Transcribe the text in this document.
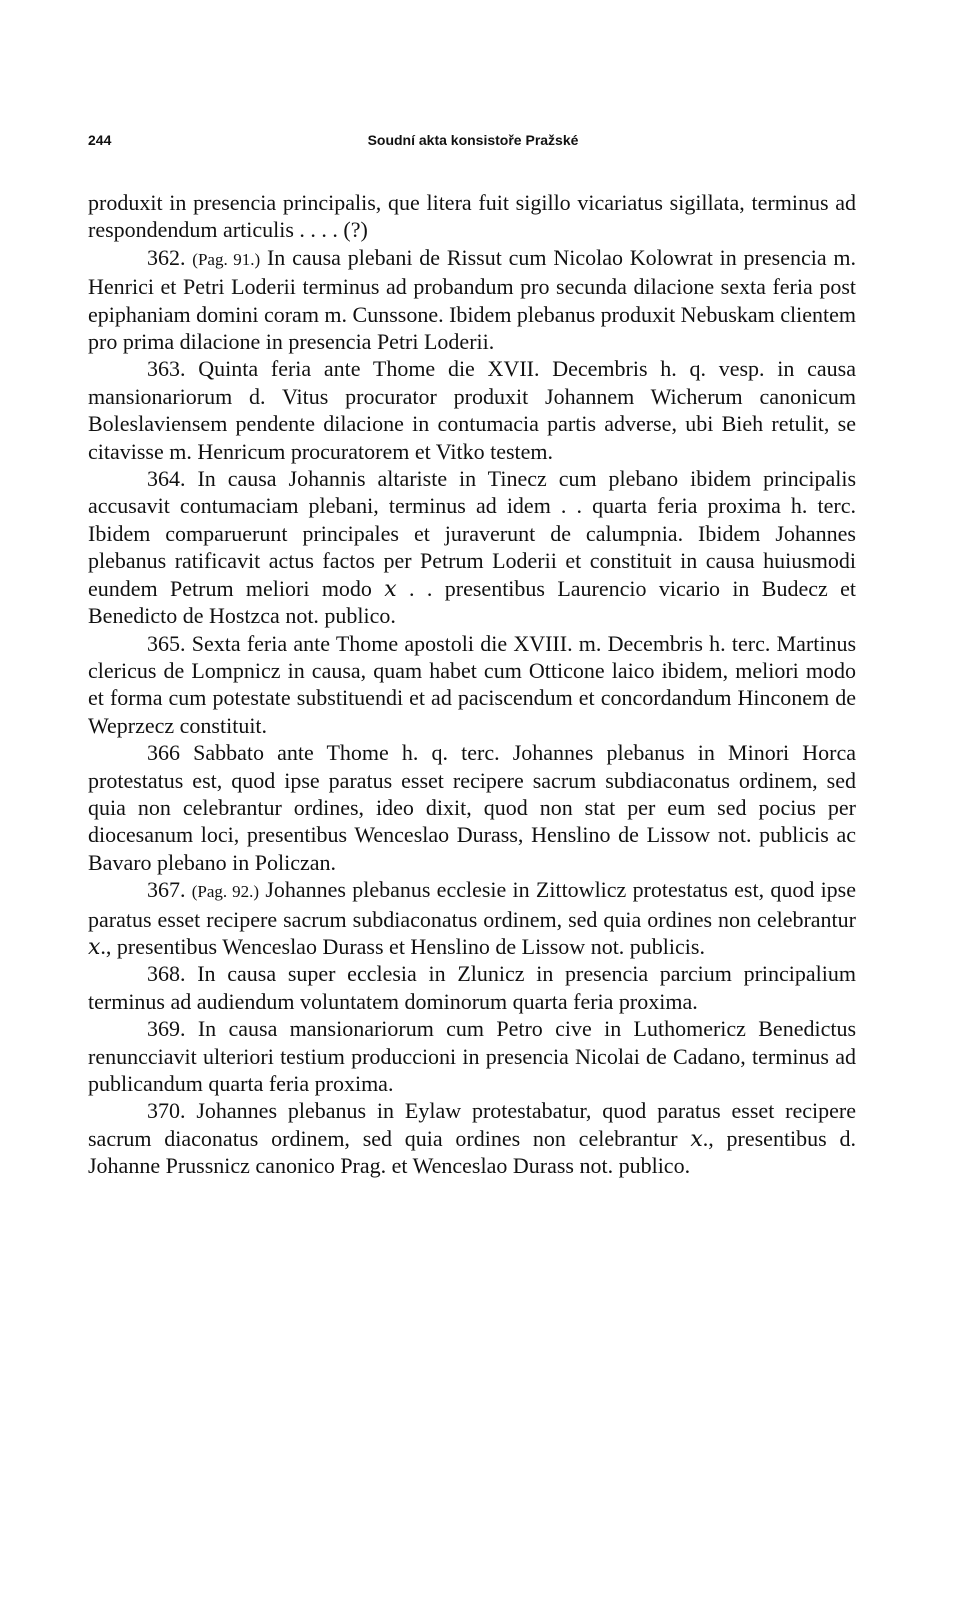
244	Soudní akta konsistoře Pražské

produxit in presencia principalis, que litera fuit sigillo vicariatus sigillata, terminus ad respondendum articulis . . . . (?)

362. (Pag. 91.) In causa plebani de Rissut cum Nicolao Kolowrat in presencia m. Henrici et Petri Loderii terminus ad probandum pro secunda dilacione sexta feria post epiphaniam domini coram m. Cunssone. Ibidem plebanus produxit Nebuskam clientem pro prima dilacione in presencia Petri Loderii.

363. Quinta feria ante Thome die XVII. Decembris h. q. vesp. in causa mansionariorum d. Vitus procurator produxit Johannem Wicherum canonicum Boleslaviensem pendente dilacione in contumacia partis adverse, ubi Bieh retulit, se citavisse m. Henricum procuratorem et Vitko testem.

364. In causa Johannis altariste in Tinecz cum plebano ibidem principalis accusavit contumaciam plebani, terminus ad idem . . quarta feria proxima h. terc. Ibidem comparuerunt principales et juraverunt de calumpnia. Ibidem Johannes plebanus ratificavit actus factos per Petrum Loderii et constituit in causa huiusmodi eundem Petrum meliori modo 𝑥 . . presentibus Laurencio vicario in Budecz et Benedicto de Hostzca not. publico.

365. Sexta feria ante Thome apostoli die XVIII. m. Decembris h. terc. Martinus clericus de Lompnicz in causa, quam habet cum Otticone laico ibidem, meliori modo et forma cum potestate substituendi et ad paciscendum et concordandum Hinconem de Weprzecz constituit.

366 Sabbato ante Thome h. q. terc. Johannes plebanus in Minori Horca protestatus est, quod ipse paratus esset recipere sacrum subdiaconatus ordinem, sed quia non celebrantur ordines, ideo dixit, quod non stat per eum sed pocius per diocesanum loci, presentibus Wenceslao Durass, Henslino de Lissow not. publicis ac Bavaro plebano in Policzan.

367. (Pag. 92.) Johannes plebanus ecclesie in Zittowlicz protestatus est, quod ipse paratus esset recipere sacrum subdiaconatus ordinem, sed quia ordines non celebrantur 𝑥., presentibus Wenceslao Durass et Henslino de Lissow not. publicis.

368. In causa super ecclesia in Zlunicz in presencia parcium principalium terminus ad audiendum voluntatem dominorum quarta feria proxima.

369. In causa mansionariorum cum Petro cive in Luthomericz Benedictus renuncciavit ulteriori testium produccioni in presencia Nicolai de Cadano, terminus ad publicandum quarta feria proxima.

370. Johannes plebanus in Eylaw protestabatur, quod paratus esset recipere sacrum diaconatus ordinem, sed quia ordines non celebrantur 𝑥., presentibus d. Johanne Prussnicz canonico Prag. et Wenceslao Durass not. publico.
